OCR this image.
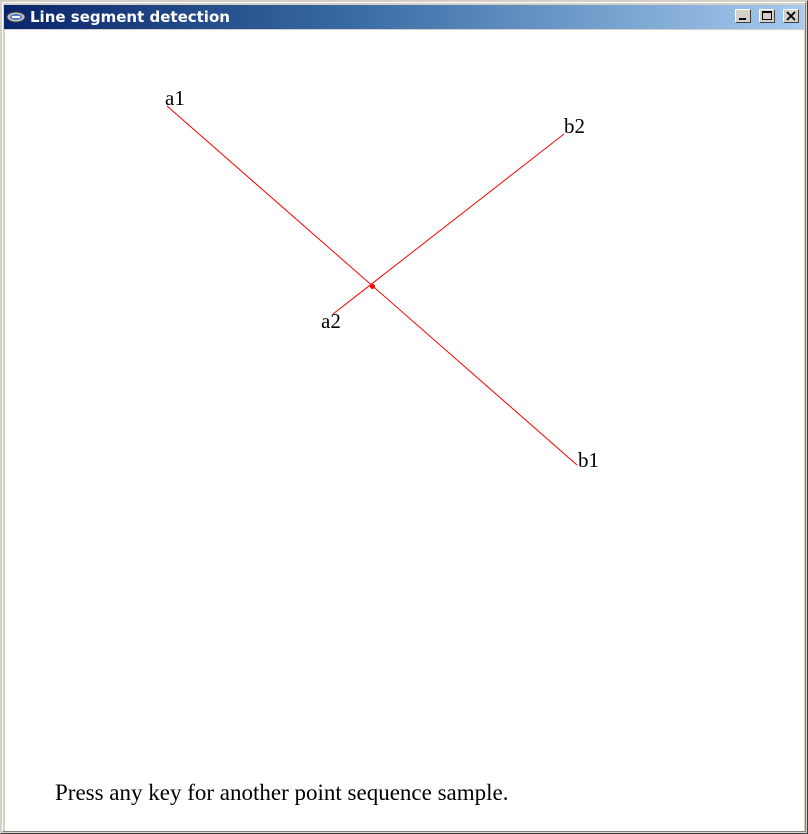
Line segment detection
a1
b2
a2
b1
Press any key for another point sequence sample.
